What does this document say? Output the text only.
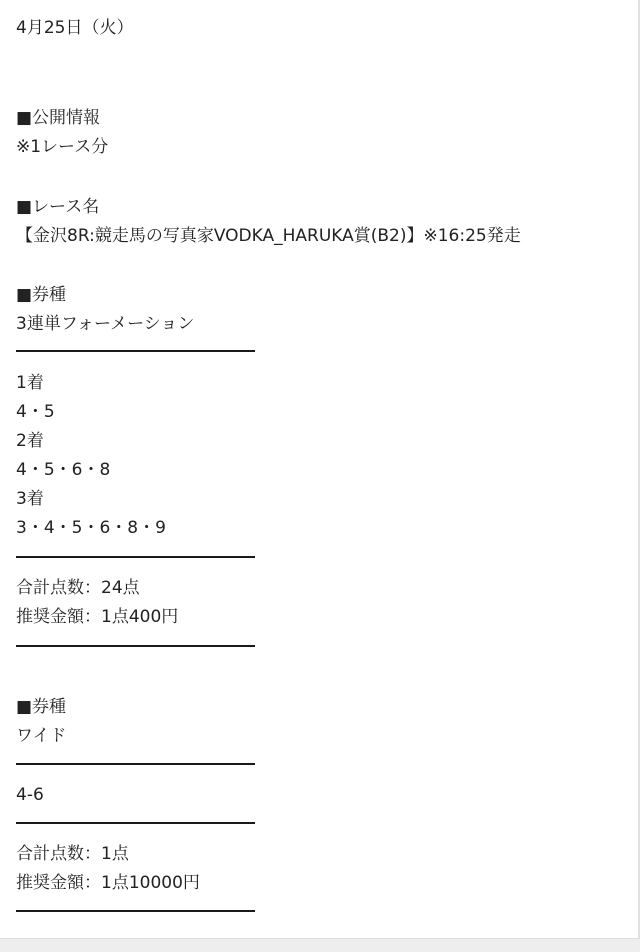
4月25日（火）
■公開情報
※1レース分
■レース名
【金沢8R:競走馬の写真家VODKA_HARUKA賞(B2)】※16:25発走
■券種
3連単フォーメーション
1着
4・5
2着
4・5・6・8
3着
3・4・5・6・8・9
合計点数：24点
推奨金額：1点400円
■券種
ワイド
4-6
合計点数：1点
推奨金額：1点10000円
